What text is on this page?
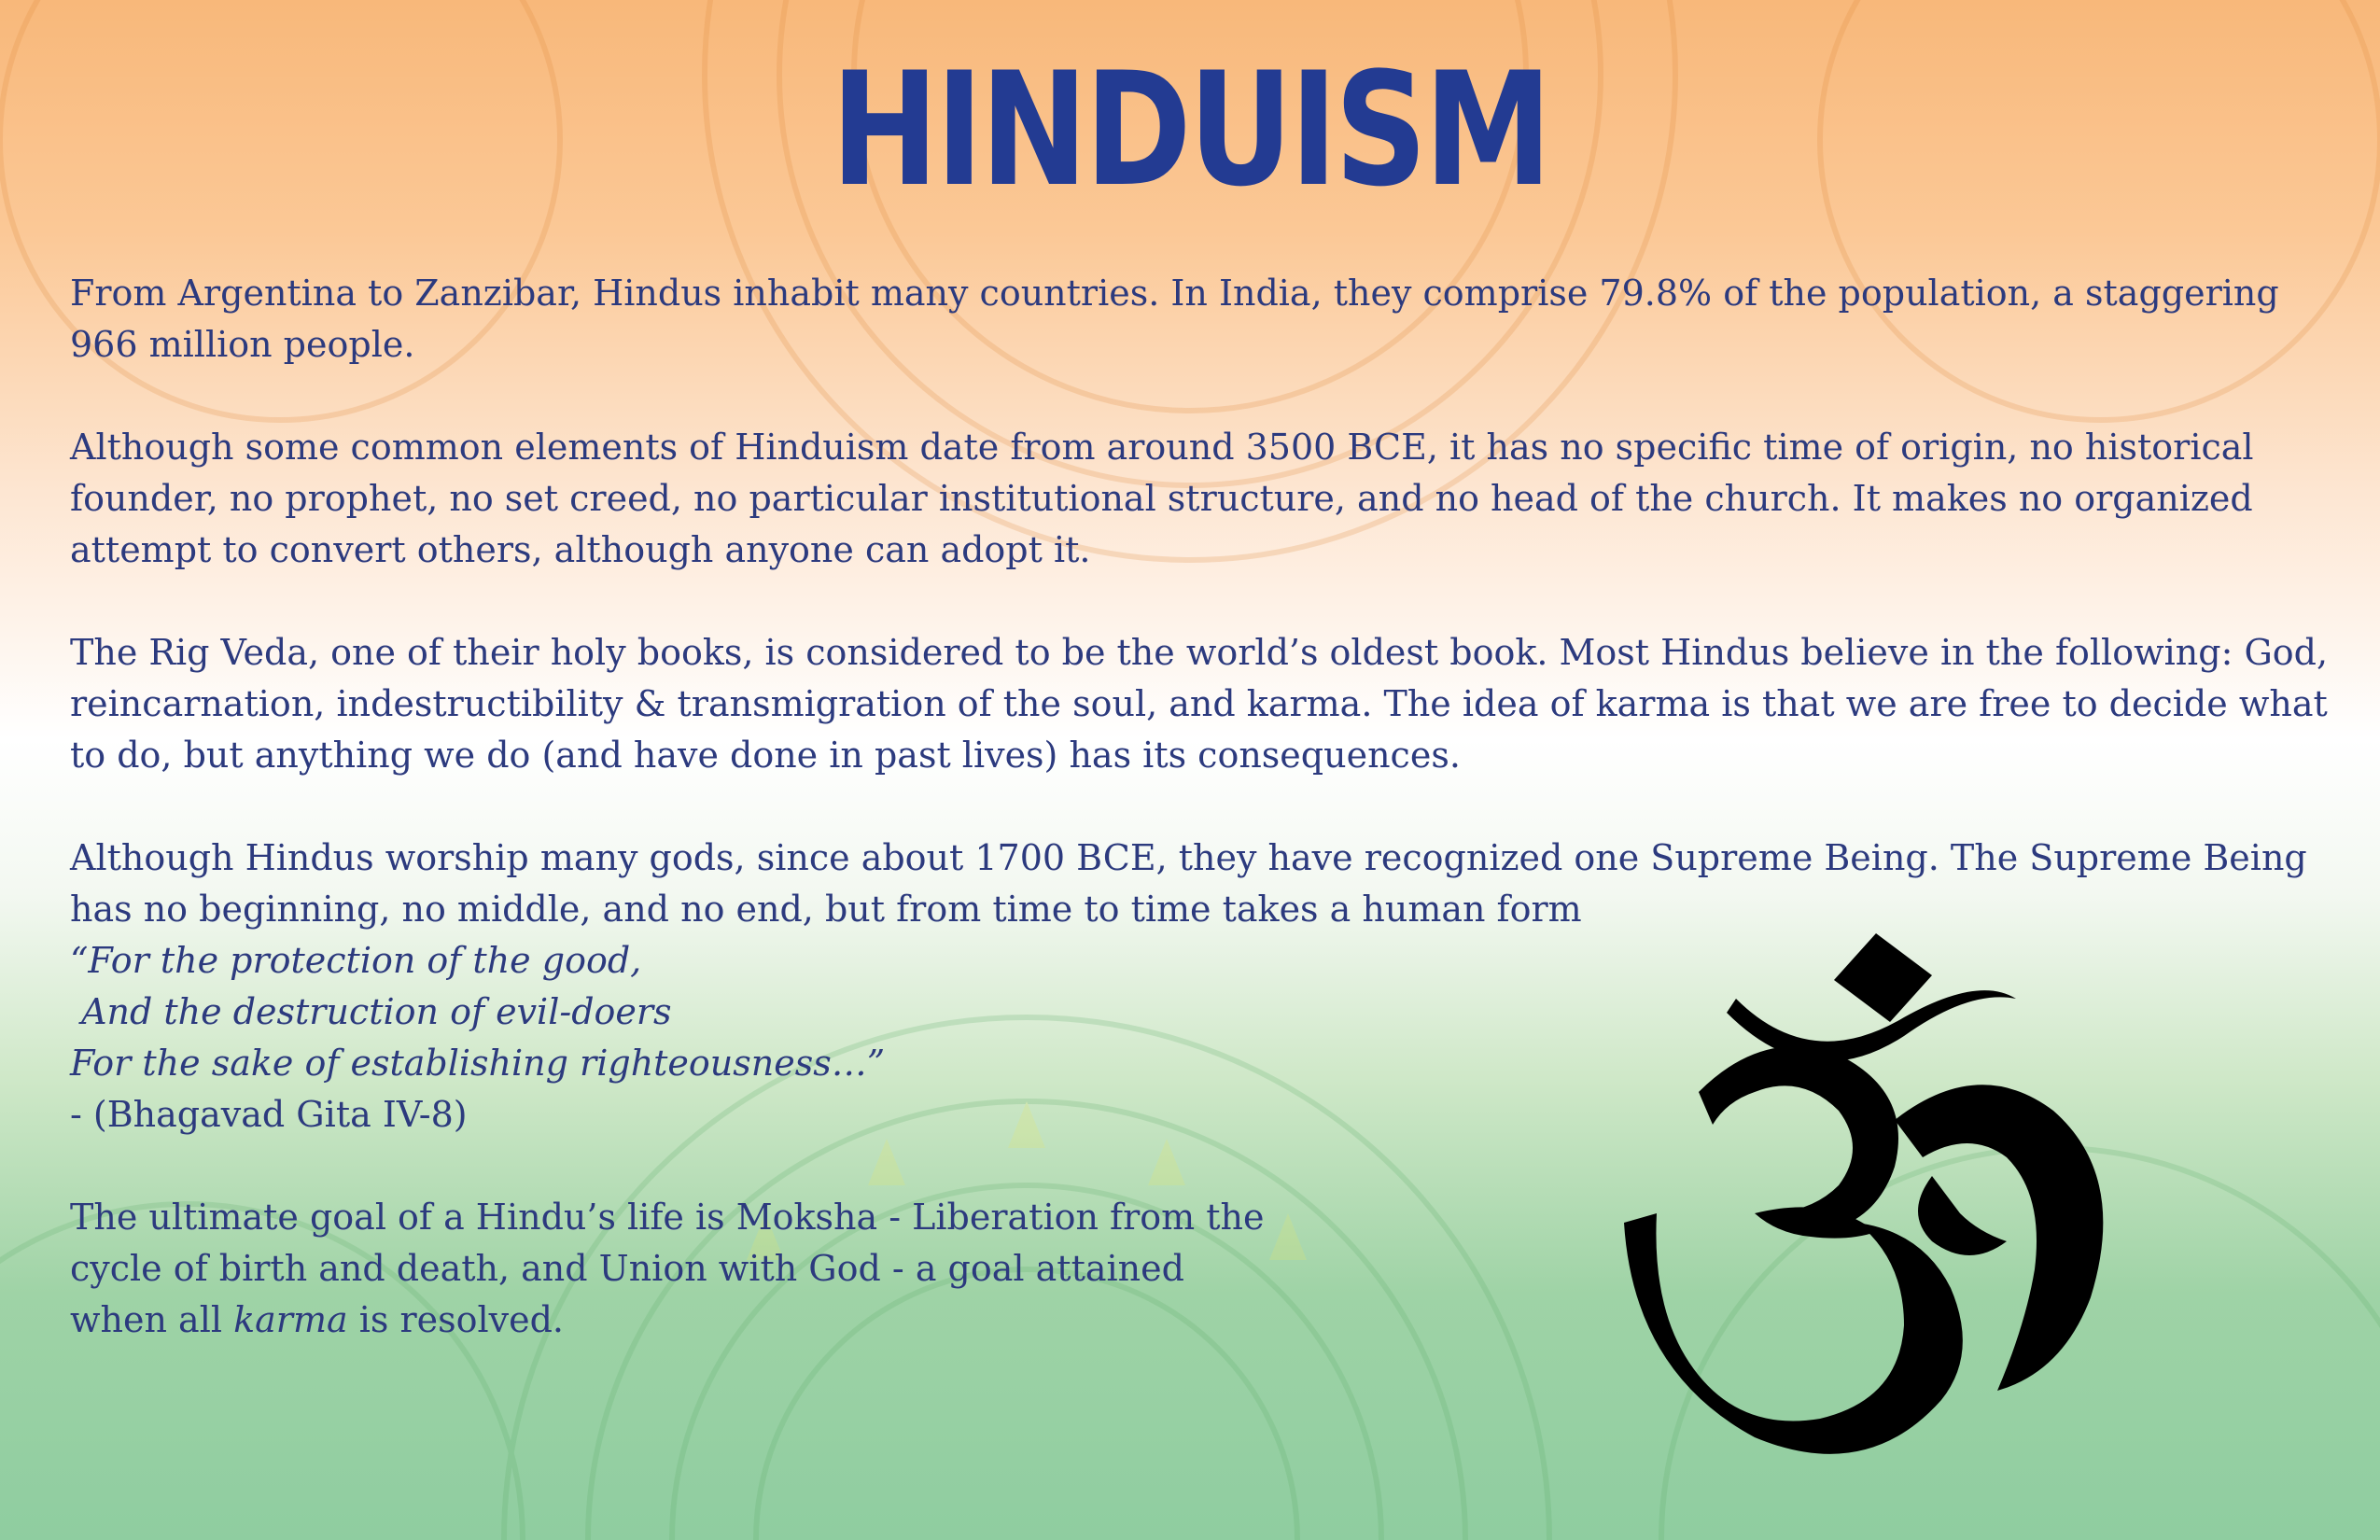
HINDUISM

From Argentina to Zanzibar, Hindus inhabit many countries. In India, they comprise 79.8% of the population, a staggering 966 million people.

Although some common elements of Hinduism date from around 3500 BCE, it has no specific time of origin, no historical founder, no prophet, no set creed, no particular institutional structure, and no head of the church. It makes no organized attempt to convert others, although anyone can adopt it.

The Rig Veda, one of their holy books, is considered to be the world’s oldest book. Most Hindus believe in the following: God, reincarnation, indestructibility & transmigration of the soul, and karma. The idea of karma is that we are free to decide what to do, but anything we do (and have done in past lives) has its consequences.

Although Hindus worship many gods, since about 1700 BCE, they have recognized one Supreme Being. The Supreme Being has no beginning, no middle, and no end, but from time to time takes a human form

“For the protection of the good,
And the destruction of evil-doers
For the sake of establishing righteousness…”
- (Bhagavad Gita IV-8)

The ultimate goal of a Hindu’s life is Moksha - Liberation from the cycle of birth and death, and Union with God - a goal attained when all karma is resolved.
